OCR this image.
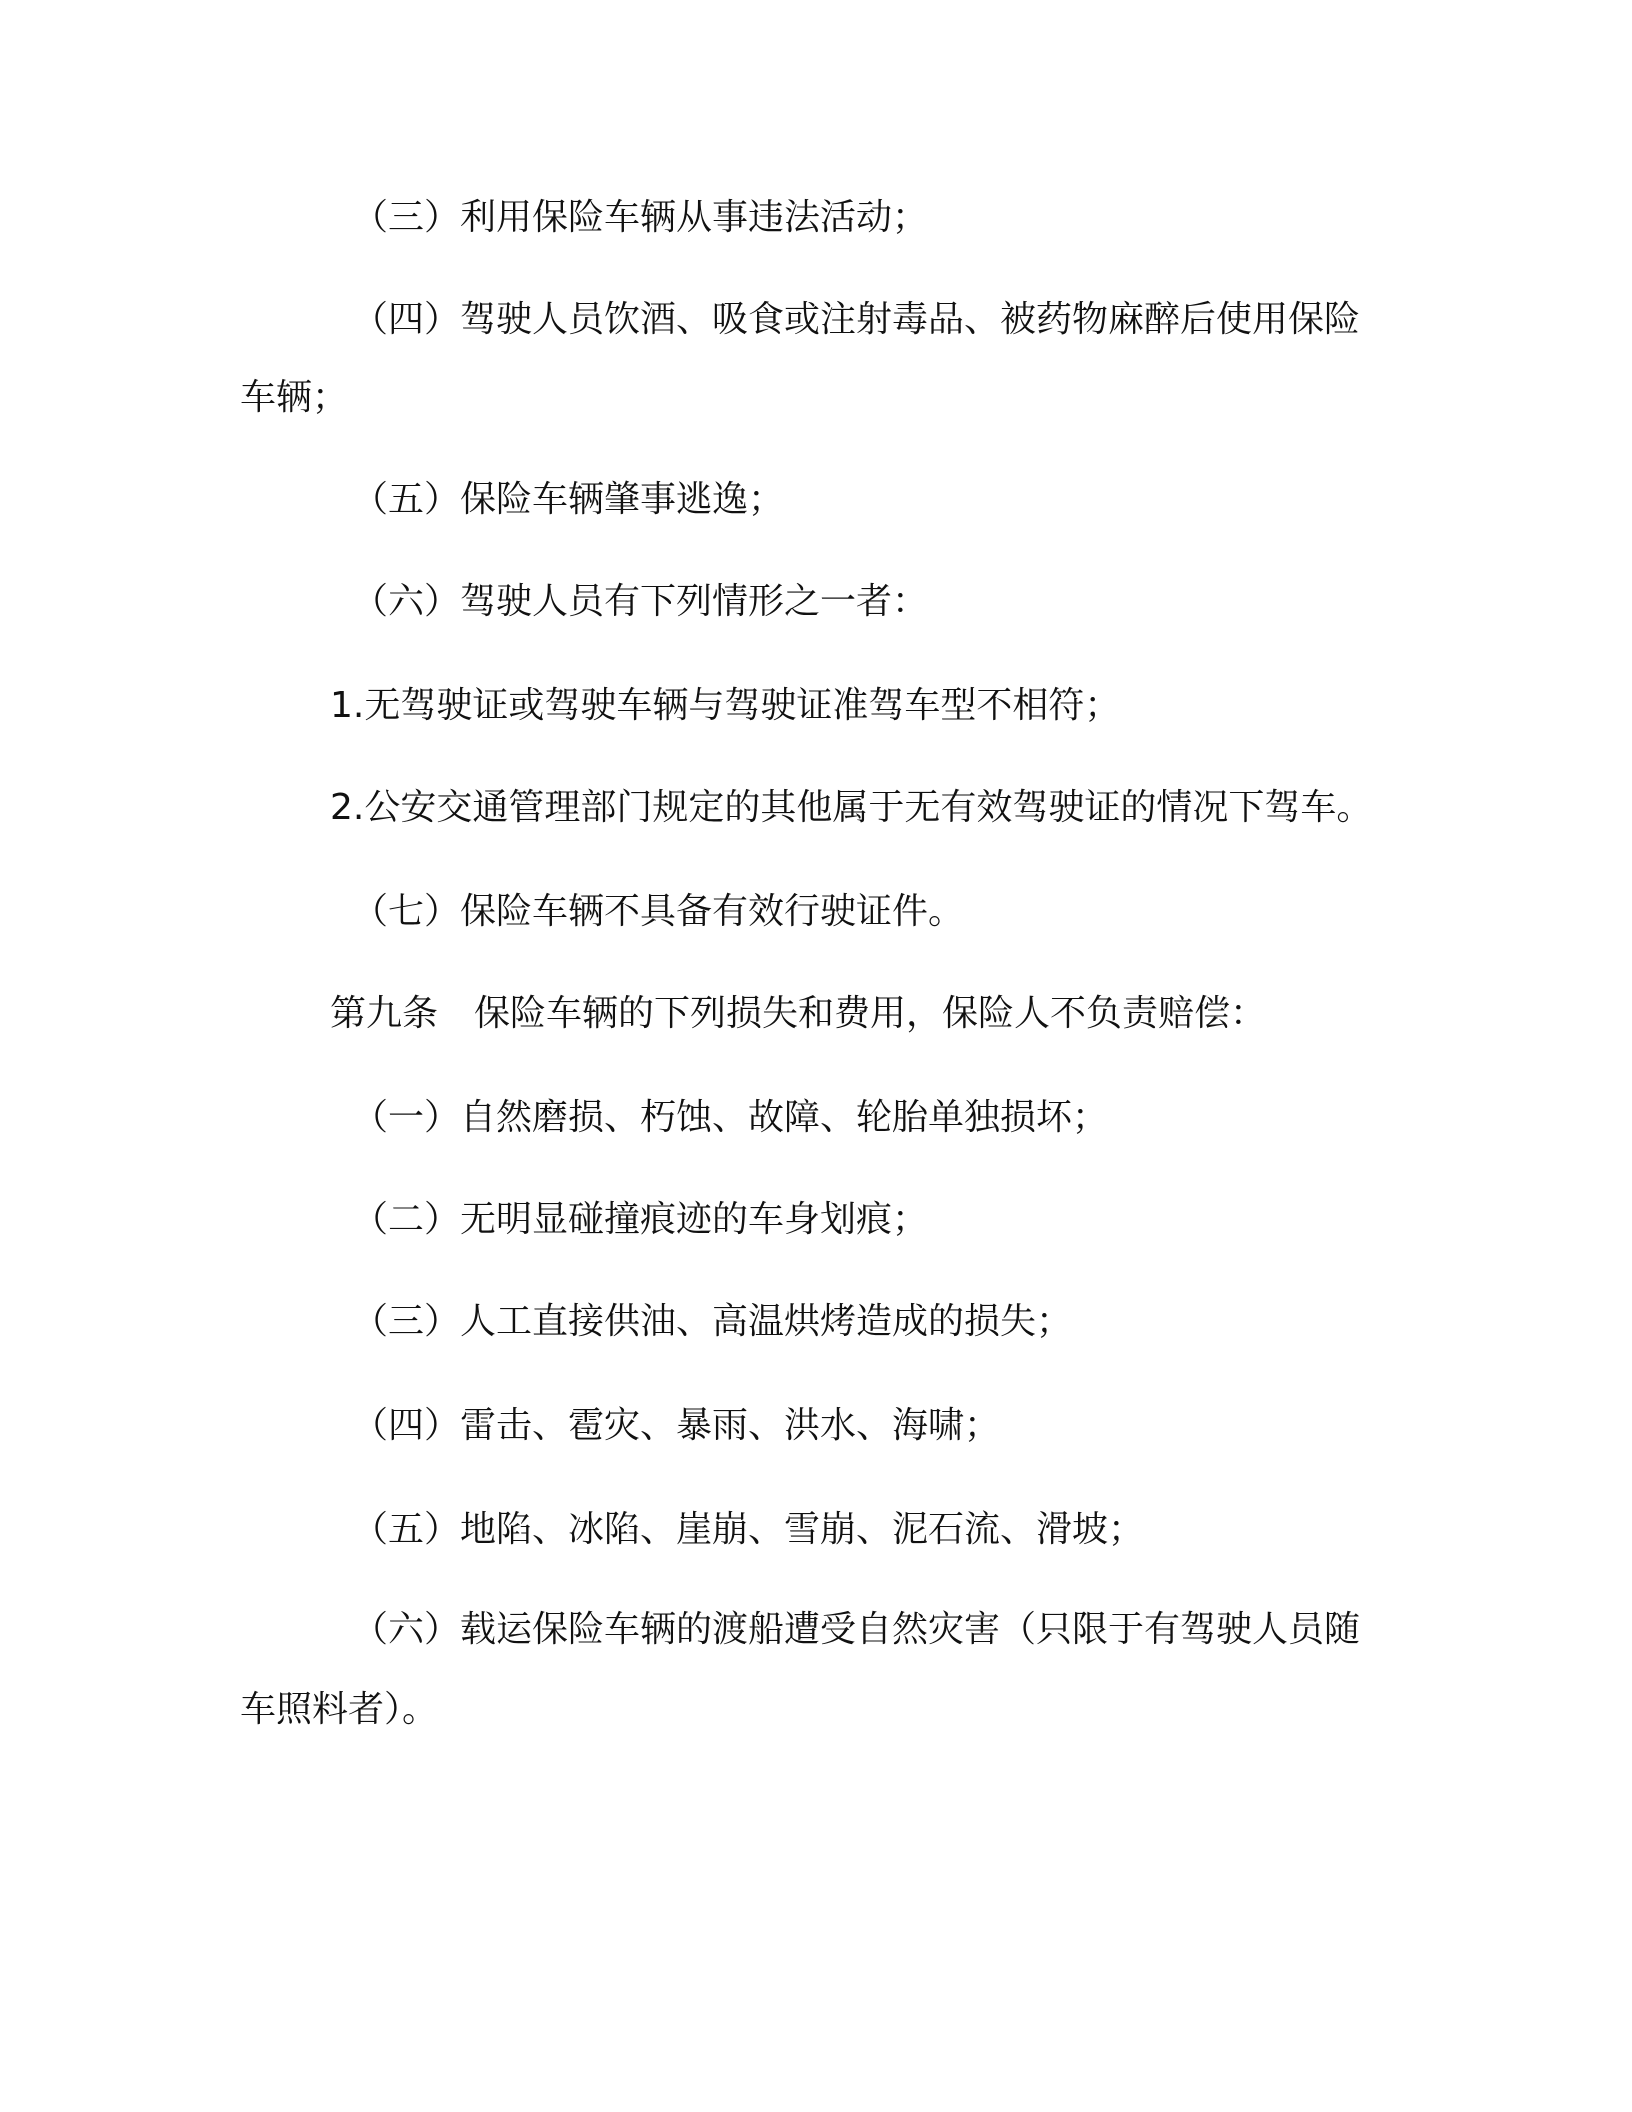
（三）利用保险车辆从事违法活动；
（四）驾驶人员饮酒、吸食或注射毒品、被药物麻醉后使用保险
车辆；
（五）保险车辆肇事逃逸；
（六）驾驶人员有下列情形之一者：
1.无驾驶证或驾驶车辆与驾驶证准驾车型不相符；
2.公安交通管理部门规定的其他属于无有效驾驶证的情况下驾车。
（七）保险车辆不具备有效行驶证件。
第九条　保险车辆的下列损失和费用，保险人不负责赔偿：
（一）自然磨损、朽蚀、故障、轮胎单独损坏；
（二）无明显碰撞痕迹的车身划痕；
（三）人工直接供油、高温烘烤造成的损失；
（四）雷击、雹灾、暴雨、洪水、海啸；
（五）地陷、冰陷、崖崩、雪崩、泥石流、滑坡；
（六）载运保险车辆的渡船遭受自然灾害（只限于有驾驶人员随
车照料者）。
